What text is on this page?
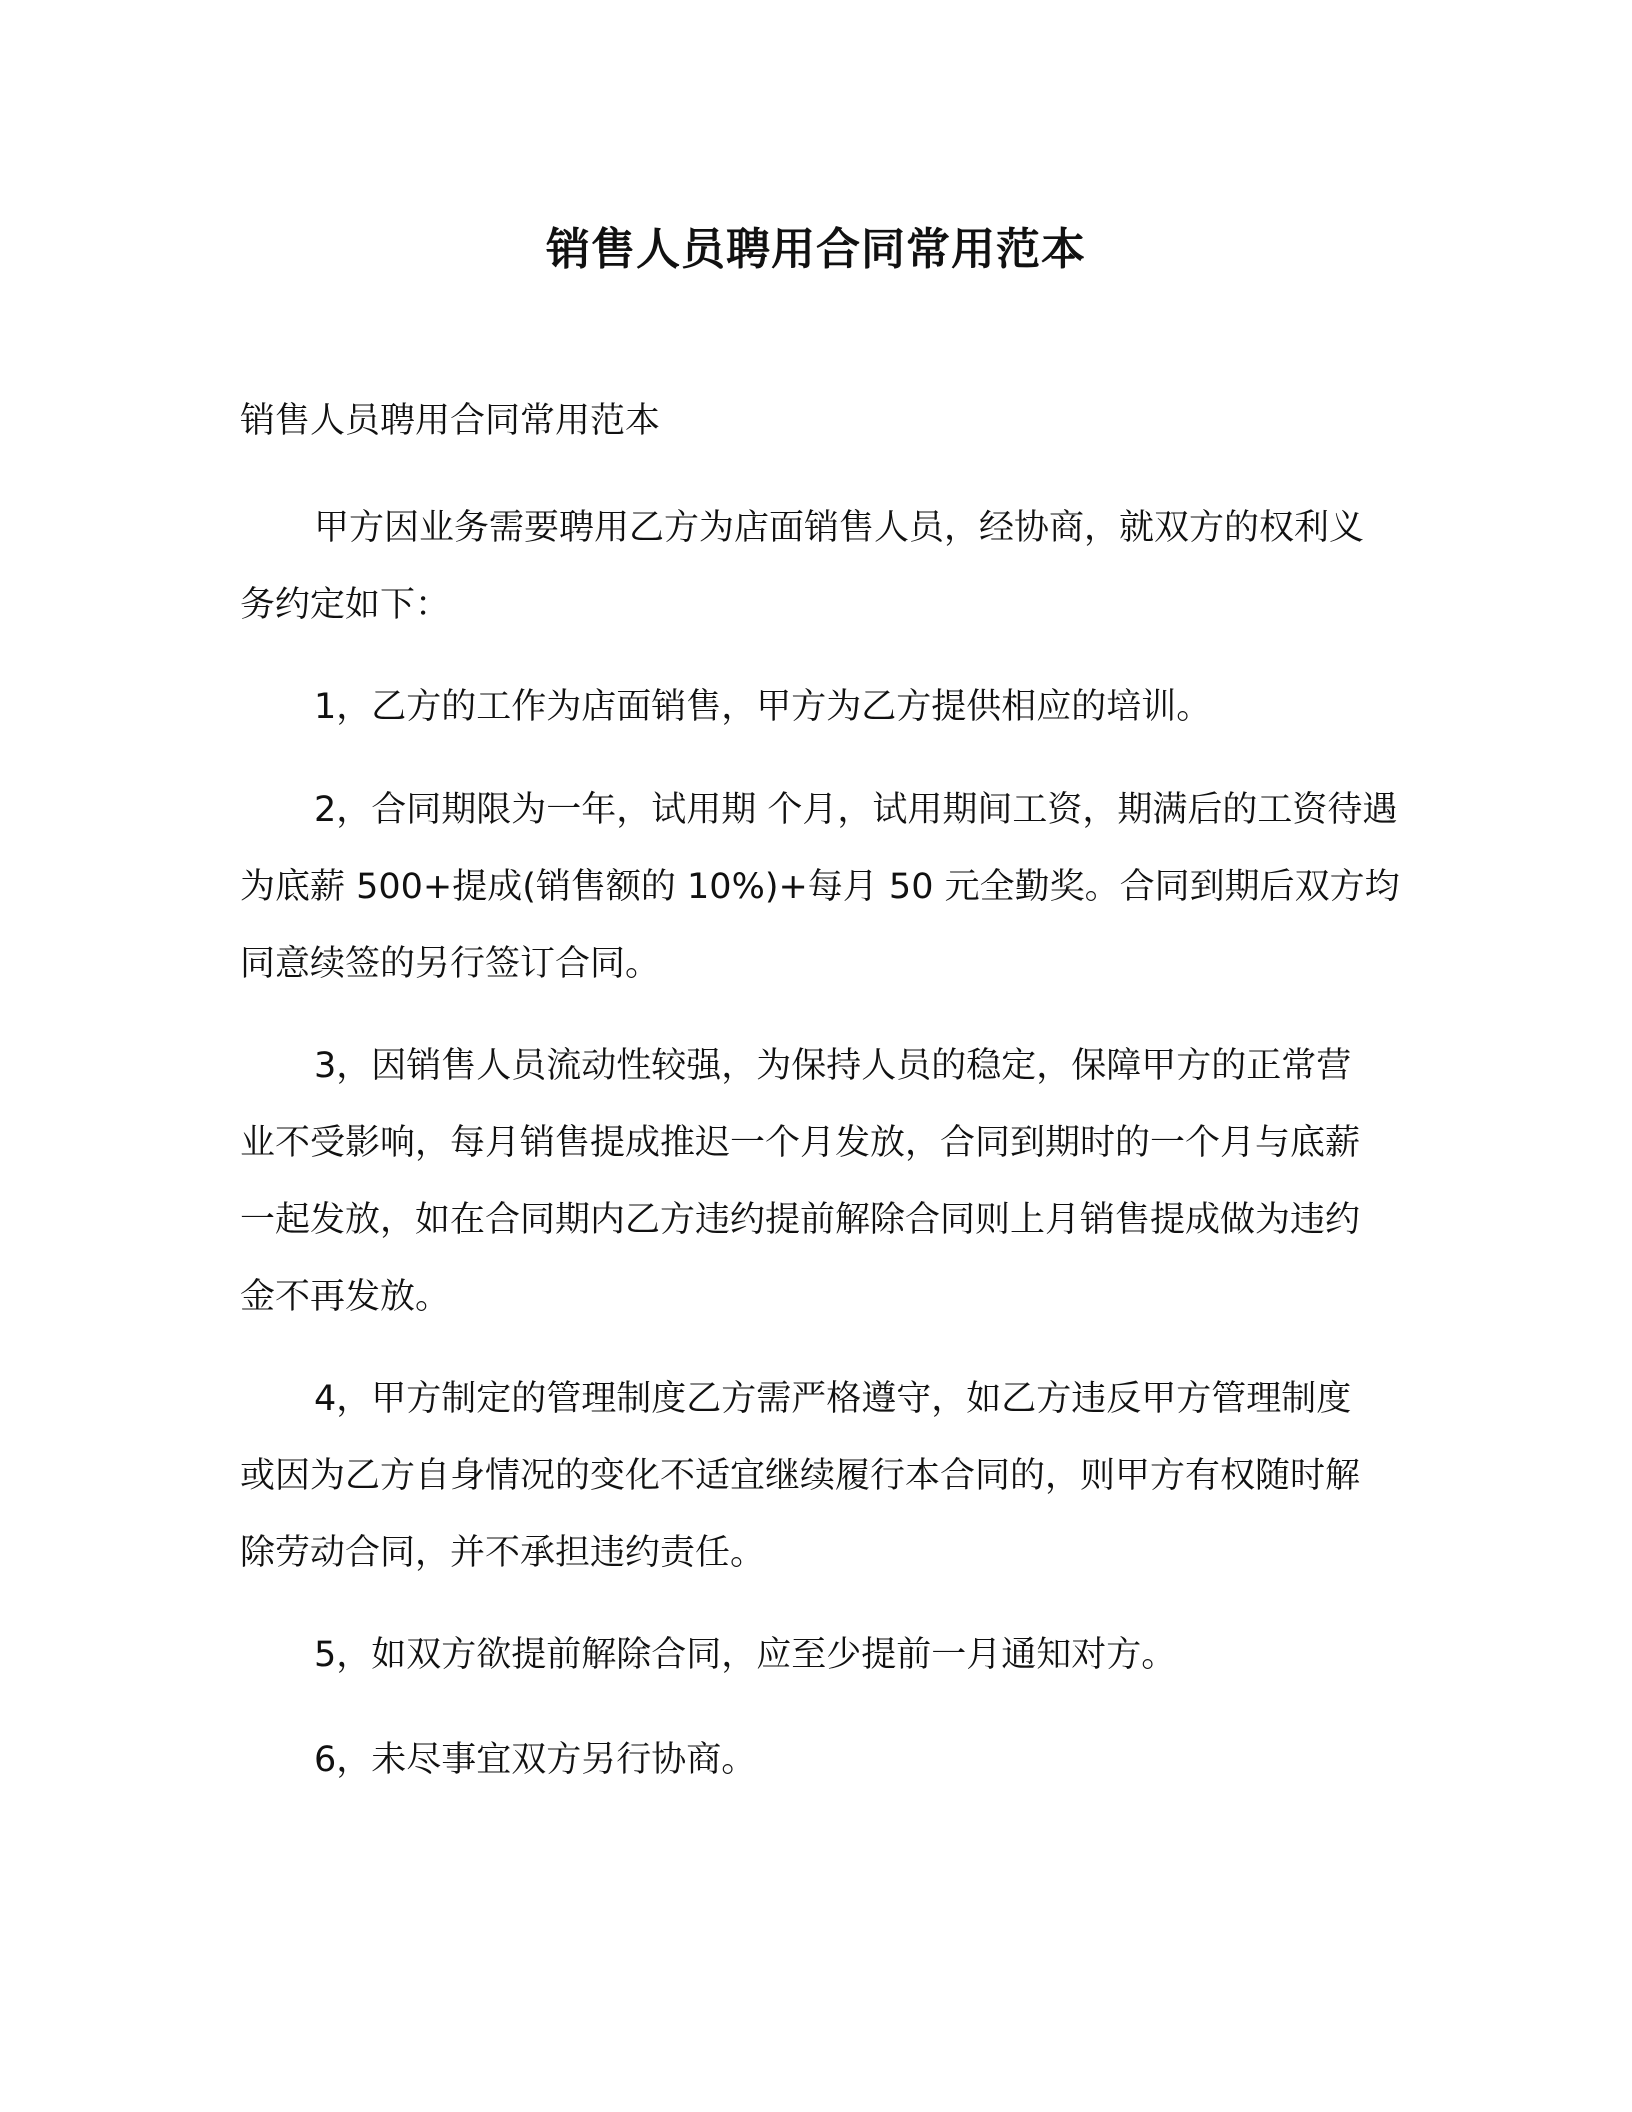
销售人员聘用合同常用范本
销售人员聘用合同常用范本

甲方因业务需要聘用乙方为店面销售人员，经协商，就双方的权利义务约定如下：

1，乙方的工作为店面销售，甲方为乙方提供相应的培训。

2，合同期限为一年，试用期 个月，试用期间工资，期满后的工资待遇为底薪 500+提成(销售额的 10%)+每月 50 元全勤奖。合同到期后双方均同意续签的另行签订合同。

3，因销售人员流动性较强，为保持人员的稳定，保障甲方的正常营业不受影响，每月销售提成推迟一个月发放，合同到期时的一个月与底薪一起发放，如在合同期内乙方违约提前解除合同则上月销售提成做为违约金不再发放。

4，甲方制定的管理制度乙方需严格遵守，如乙方违反甲方管理制度或因为乙方自身情况的变化不适宜继续履行本合同的，则甲方有权随时解除劳动合同，并不承担违约责任。

5，如双方欲提前解除合同，应至少提前一月通知对方。

6，未尽事宜双方另行协商。
